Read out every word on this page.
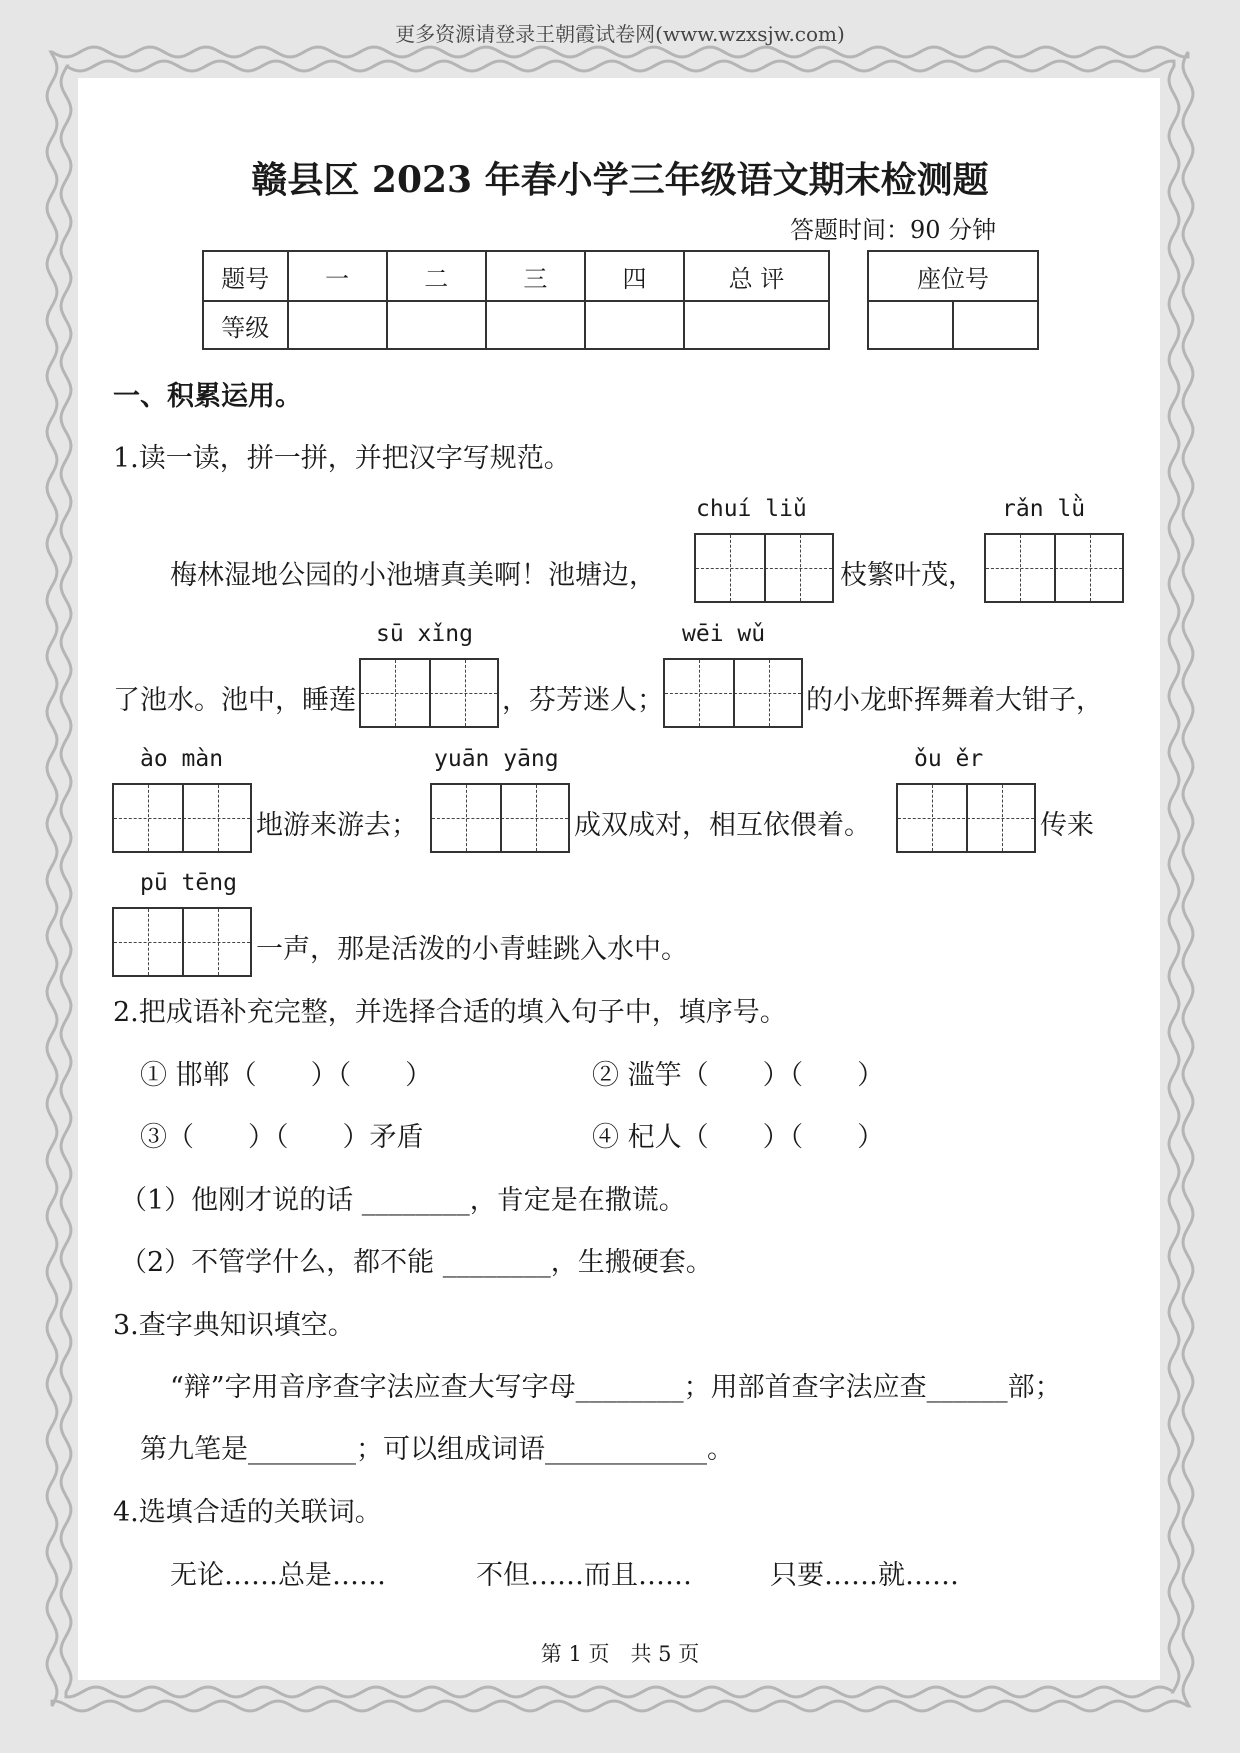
更多资源请登录王朝霞试卷网(www.wzxsjw.com)
赣县区 2023 年春小学三年级语文期末检测题
答题时间：90 分钟
题号	一	二	三	四	总 评
等级					
座位号

一、积累运用。
1.读一读，拼一拼，并把汉字写规范。
chuí liǔ	rǎn lǜ
sū xǐng	wēi wǔ
ào màn	yuān yāng	ǒu ěr
pū tēng
梅林湿地公园的小池塘真美啊！池塘边，	枝繁叶茂，
了池水。池中，睡莲	，芬芳迷人；	的小龙虾挥舞着大钳子，
地游来游去；	成双成对，相互依偎着。	传来
一声，那是活泼的小青蛙跳入水中。
2.把成语补充完整，并选择合适的填入句子中，填序号。
① 邯郸（　　）（　　）	② 滥竽（　　）（　　）
③（　　）（　　）矛盾	④ 杞人（　　）（　　）
（1）他刚才说的话 ________，肯定是在撒谎。
（2）不管学什么，都不能 ________，生搬硬套。
3.查字典知识填空。
“辩”字用音序查字法应查大写字母________；用部首查字法应查______部；
第九笔是________；可以组成词语____________。
4.选填合适的关联词。
无论……总是……	不但……而且……	只要……就……
第 1 页　共 5 页
